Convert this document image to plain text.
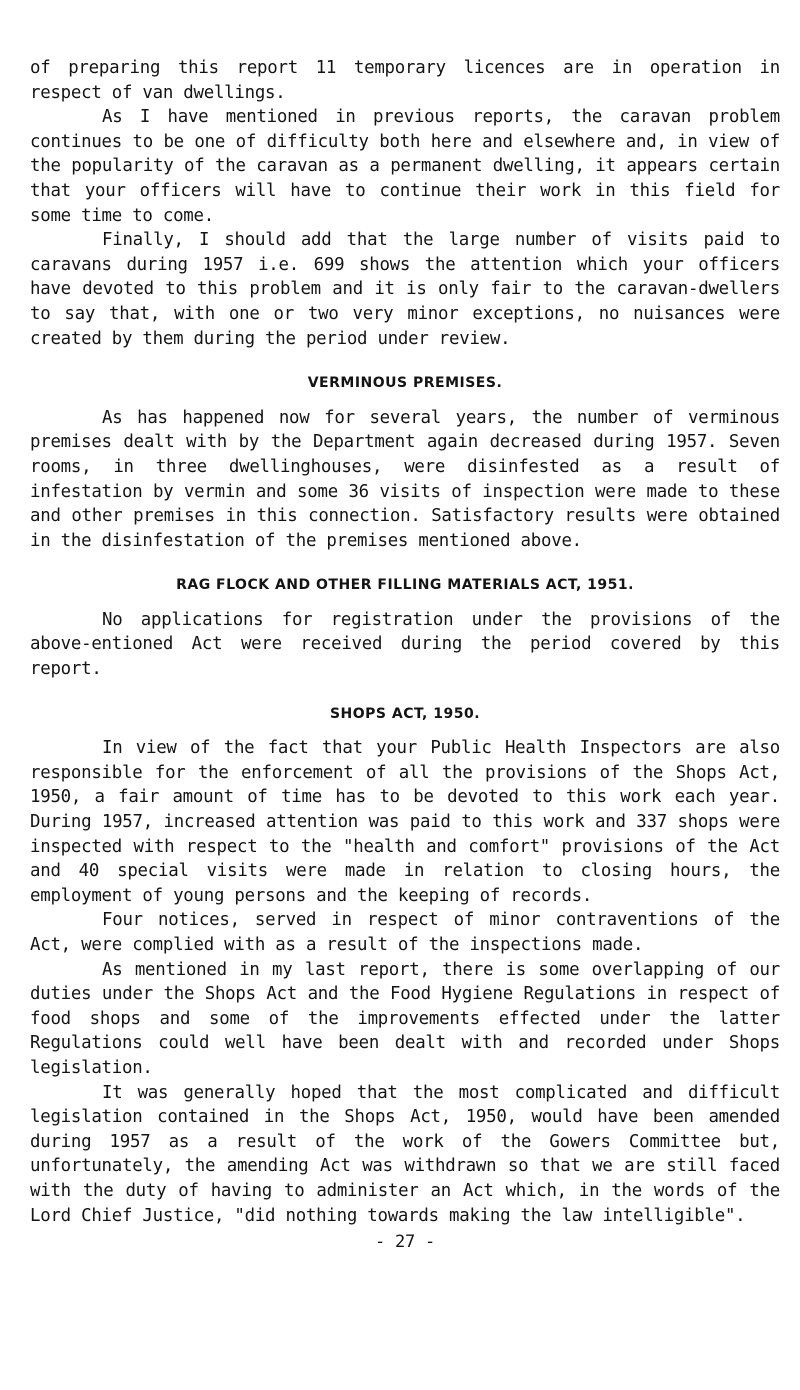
of preparing this report 11 temporary licences are in operation in respect of van dwellings.

As I have mentioned in previous reports, the caravan problem continues to be one of difficulty both here and elsewhere and, in view of the popularity of the caravan as a permanent dwelling, it appears certain that your officers will have to continue their work in this field for some time to come.

Finally, I should add that the large number of visits paid to caravans during 1957 i.e. 699 shows the attention which your officers have devoted to this problem and it is only fair to the caravan-dwellers to say that, with one or two very minor exceptions, no nuisances were created by them during the period under review.

VERMINOUS PREMISES.

As has happened now for several years, the number of verminous premises dealt with by the Department again decreased during 1957. Seven rooms, in three dwellinghouses, were disinfested as a result of infestation by vermin and some 36 visits of inspection were made to these and other premises in this connection. Satisfactory results were obtained in the disinfestation of the premises mentioned above.

RAG FLOCK AND OTHER FILLING MATERIALS ACT, 1951.

No applications for registration under the provisions of the above-entioned Act were received during the period covered by this report.

SHOPS ACT, 1950.

In view of the fact that your Public Health Inspectors are also responsible for the enforcement of all the provisions of the Shops Act, 1950, a fair amount of time has to be devoted to this work each year. During 1957, increased attention was paid to this work and 337 shops were inspected with respect to the "health and comfort" provisions of the Act and 40 special visits were made in relation to closing hours, the employment of young persons and the keeping of records.

Four notices, served in respect of minor contraventions of the Act, were complied with as a result of the inspections made.

As mentioned in my last report, there is some overlapping of our duties under the Shops Act and the Food Hygiene Regulations in respect of food shops and some of the improvements effected under the latter Regulations could well have been dealt with and recorded under Shops legislation.

It was generally hoped that the most complicated and difficult legislation contained in the Shops Act, 1950, would have been amended during 1957 as a result of the work of the Gowers Committee but, unfortunately, the amending Act was withdrawn so that we are still faced with the duty of having to administer an Act which, in the words of the Lord Chief Justice, "did nothing towards making the law intelligible".

- 27 -
